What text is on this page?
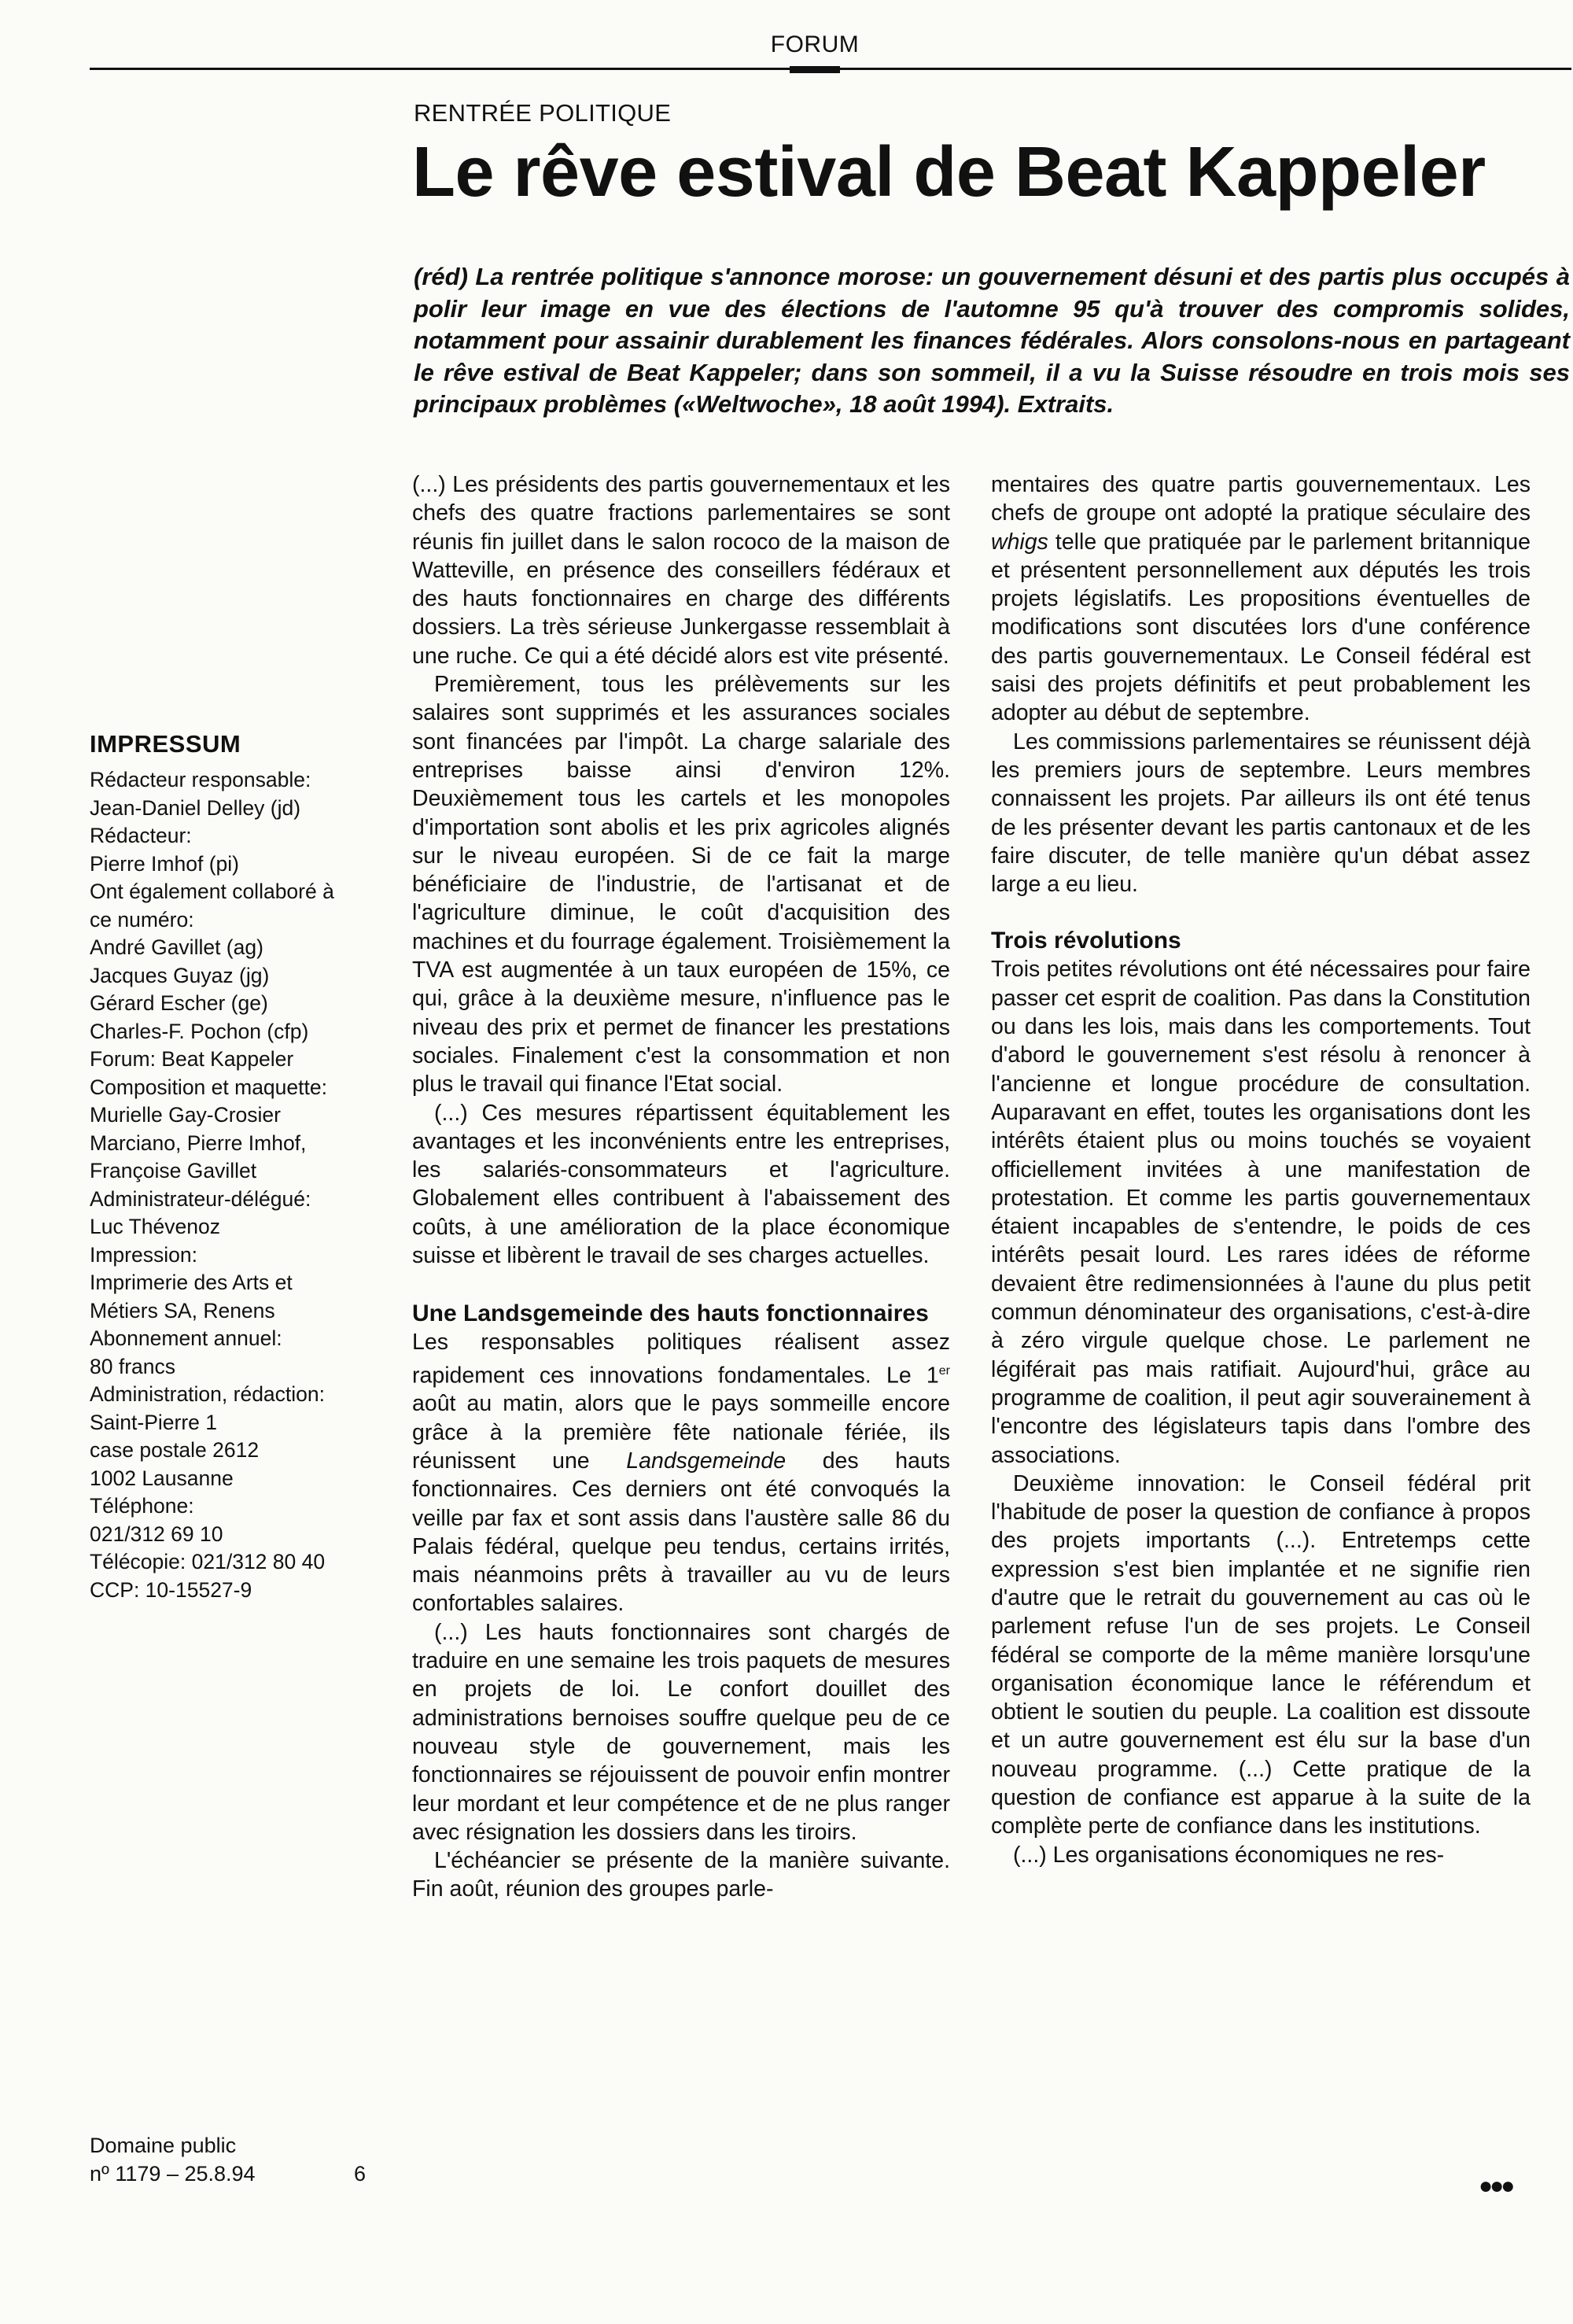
FORUM
RENTRÉE POLITIQUE
Le rêve estival de Beat Kappeler

(réd) La rentrée politique s'annonce morose: un gouvernement désuni et des partis plus occupés à polir leur image en vue des élections de l'automne 95 qu'à trouver des compromis solides, notamment pour assainir durablement les finances fédérales. Alors consolons-nous en partageant le rêve estival de Beat Kappeler; dans son sommeil, il a vu la Suisse résoudre en trois mois ses principaux problèmes («Weltwoche», 18 août 1994). Extraits.

IMPRESSUM
Rédacteur responsable:
Jean-Daniel Delley (jd)
Rédacteur:
Pierre Imhof (pi)
Ont également collaboré à
ce numéro:
André Gavillet (ag)
Jacques Guyaz (jg)
Gérard Escher (ge)
Charles-F. Pochon (cfp)
Forum: Beat Kappeler
Composition et maquette:
Murielle Gay-Crosier
Marciano, Pierre Imhof,
Françoise Gavillet
Administrateur-délégué:
Luc Thévenoz
Impression:
Imprimerie des Arts et
Métiers SA, Renens
Abonnement annuel:
80 francs
Administration, rédaction:
Saint-Pierre 1
case postale 2612
1002 Lausanne
Téléphone:
021/312 69 10
Télécopie: 021/312 80 40
CCP: 10-15527-9
Domaine public
nº 1179 – 25.8.94	6

(...) Les présidents des partis gouvernementaux et les chefs des quatre fractions parlementaires se sont réunis fin juillet dans le salon rococo de la maison de Watteville, en présence des conseillers fédéraux et des hauts fonctionnaires en charge des différents dossiers. La très sérieuse Junkergasse ressemblait à une ruche. Ce qui a été décidé alors est vite présenté.

Premièrement, tous les prélèvements sur les salaires sont supprimés et les assurances sociales sont financées par l'impôt. La charge salariale des entreprises baisse ainsi d'environ 12%. Deuxièmement tous les cartels et les monopoles d'importation sont abolis et les prix agricoles alignés sur le niveau européen. Si de ce fait la marge bénéficiaire de l'industrie, de l'artisanat et de l'agriculture diminue, le coût d'acquisition des machines et du fourrage également. Troisièmement la TVA est augmentée à un taux européen de 15%, ce qui, grâce à la deuxième mesure, n'influence pas le niveau des prix et permet de financer les prestations sociales. Finalement c'est la consommation et non plus le travail qui finance l'Etat social.

(...) Ces mesures répartissent équitablement les avantages et les inconvénients entre les entreprises, les salariés-consommateurs et l'agriculture. Globalement elles contribuent à l'abaissement des coûts, à une amélioration de la place économique suisse et libèrent le travail de ses charges actuelles.

Une Landsgemeinde des hauts fonctionnaires

Les responsables politiques réalisent assez rapidement ces innovations fondamentales. Le 1er août au matin, alors que le pays sommeille encore grâce à la première fête nationale fériée, ils réunissent une Landsgemeinde des hauts fonctionnaires. Ces derniers ont été convoqués la veille par fax et sont assis dans l'austère salle 86 du Palais fédéral, quelque peu tendus, certains irrités, mais néanmoins prêts à travailler au vu de leurs confortables salaires.

(...) Les hauts fonctionnaires sont chargés de traduire en une semaine les trois paquets de mesures en projets de loi. Le confort douillet des administrations bernoises souffre quelque peu de ce nouveau style de gouvernement, mais les fonctionnaires se réjouissent de pouvoir enfin montrer leur mordant et leur compétence et de ne plus ranger avec résignation les dossiers dans les tiroirs.

L'échéancier se présente de la manière suivante. Fin août, réunion des groupes parle-

mentaires des quatre partis gouvernementaux. Les chefs de groupe ont adopté la pratique séculaire des whigs telle que pratiquée par le parlement britannique et présentent personnellement aux députés les trois projets législatifs. Les propositions éventuelles de modifications sont discutées lors d'une conférence des partis gouvernementaux. Le Conseil fédéral est saisi des projets définitifs et peut probablement les adopter au début de septembre.

Les commissions parlementaires se réunissent déjà les premiers jours de septembre. Leurs membres connaissent les projets. Par ailleurs ils ont été tenus de les présenter devant les partis cantonaux et de les faire discuter, de telle manière qu'un débat assez large a eu lieu.

Trois révolutions

Trois petites révolutions ont été nécessaires pour faire passer cet esprit de coalition. Pas dans la Constitution ou dans les lois, mais dans les comportements. Tout d'abord le gouvernement s'est résolu à renoncer à l'ancienne et longue procédure de consultation. Auparavant en effet, toutes les organisations dont les intérêts étaient plus ou moins touchés se voyaient officiellement invitées à une manifestation de protestation. Et comme les partis gouvernementaux étaient incapables de s'entendre, le poids de ces intérêts pesait lourd. Les rares idées de réforme devaient être redimensionnées à l'aune du plus petit commun dénominateur des organisations, c'est-à-dire à zéro virgule quelque chose. Le parlement ne légiférait pas mais ratifiait. Aujourd'hui, grâce au programme de coalition, il peut agir souverainement à l'encontre des législateurs tapis dans l'ombre des associations.

Deuxième innovation: le Conseil fédéral prit l'habitude de poser la question de confiance à propos des projets importants (...). Entretemps cette expression s'est bien implantée et ne signifie rien d'autre que le retrait du gouvernement au cas où le parlement refuse l'un de ses projets. Le Conseil fédéral se comporte de la même manière lorsqu'une organisation économique lance le référendum et obtient le soutien du peuple. La coalition est dissoute et un autre gouvernement est élu sur la base d'un nouveau programme. (...) Cette pratique de la question de confiance est apparue à la suite de la complète perte de confiance dans les institutions.

(...) Les organisations économiques ne res-

●●●
